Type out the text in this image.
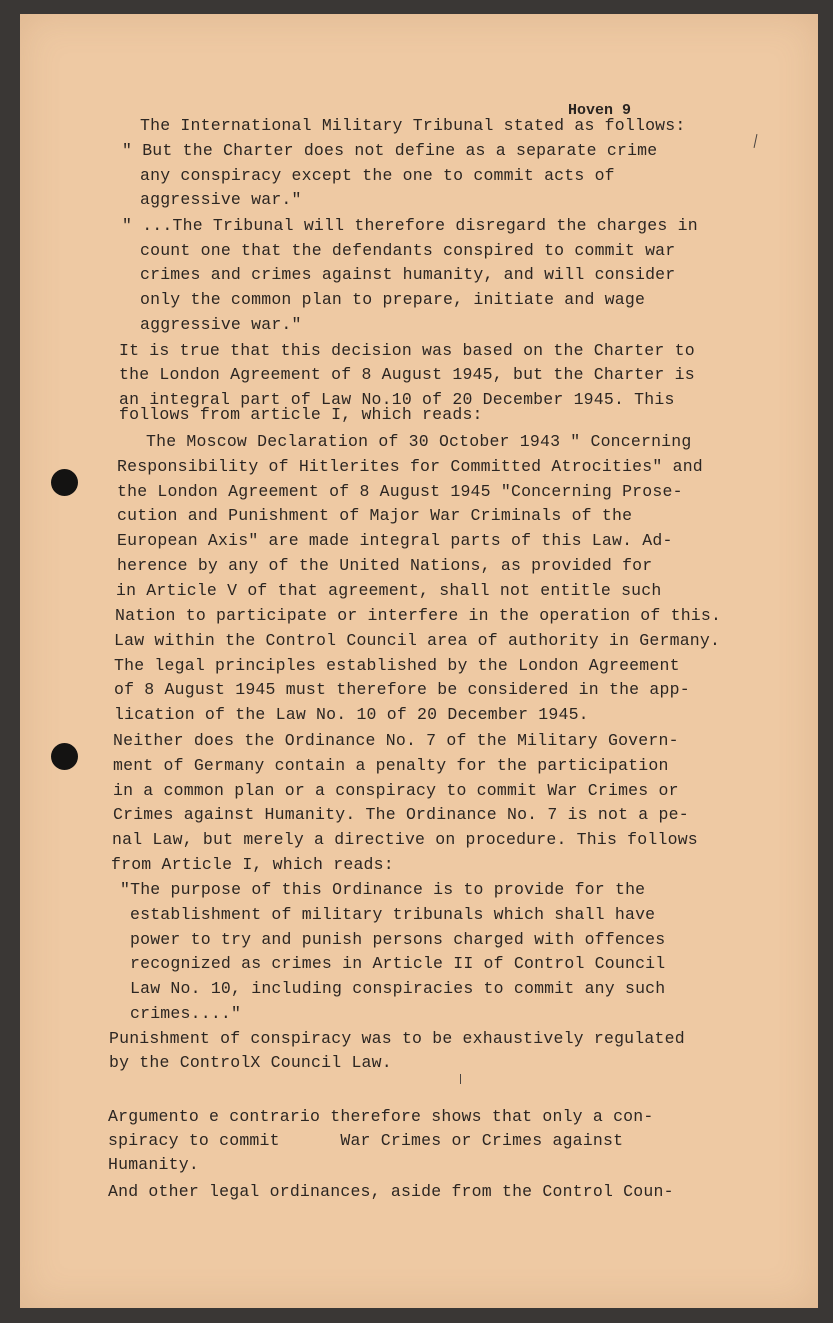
Hoven 9
The International Military Tribunal stated as follows:
" But the Charter does not define as a separate crime
any conspiracy except the one to commit acts of
aggressive war."
" ...The Tribunal will therefore disregard the charges in
count one that the defendants conspired to commit war
crimes and crimes against humanity, and will consider
only the common plan to prepare, initiate and wage
aggressive war."
It is true that this decision was based on the Charter to
the London Agreement of 8 August 1945, but the Charter is
an integral part of Law No.10 of 20 December 1945. This
follows from article I, which reads:
The Moscow Declaration of 30 October 1943 " Concerning
Responsibility of Hitlerites for Committed Atrocities" and
the London Agreement of 8 August 1945 "Concerning Prose-
cution and Punishment of Major War Criminals of the
European Axis" are made integral parts of this Law. Ad-
herence by any of the United Nations, as provided for
in Article V of that agreement, shall not entitle such
Nation to participate or interfere in the operation of this.
Law within the Control Council area of authority in Germany.
The legal principles established by the London Agreement
of 8 August 1945 must therefore be considered in the app-
lication of the Law No. 10 of 20 December 1945.
Neither does the Ordinance No. 7 of the Military Govern-
ment of Germany contain a penalty for the participation
in a common plan or a conspiracy to commit War Crimes or
Crimes against Humanity. The Ordinance No. 7 is not a pe-
nal Law, but merely a directive on procedure. This follows
from Article I, which reads:
"The purpose of this Ordinance is to provide for the
establishment of military tribunals which shall have
power to try and punish persons charged with offences
recognized as crimes in Article II of Control Council
Law No. 10, including conspiracies to commit any such
crimes...."
Punishment of conspiracy was to be exhaustively regulated
by the ControlX Council Law.
Argumento e contrario therefore shows that only a con-
spiracy to commit      War Crimes or Crimes against
Humanity.
And other legal ordinances, aside from the Control Coun-
